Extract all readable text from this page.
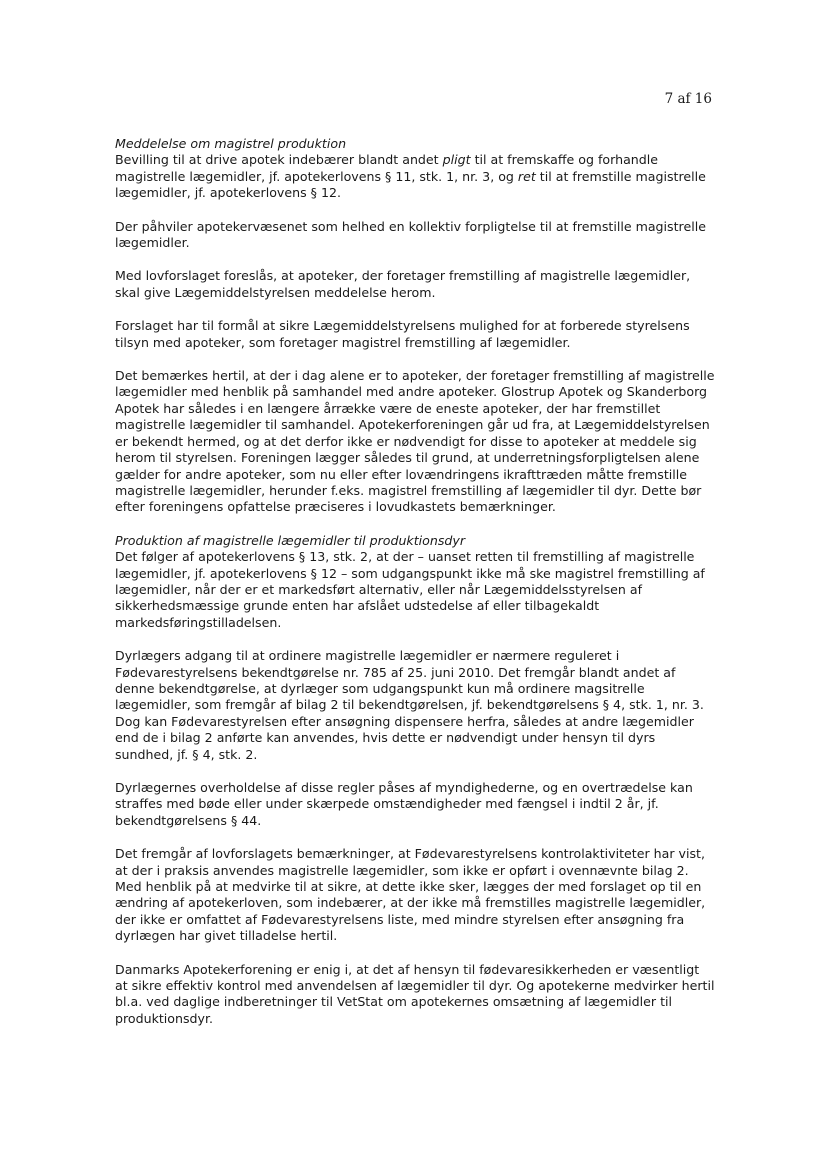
7 af 16
Meddelelse om magistrel produktion

Bevilling til at drive apotek indebærer blandt andet pligt til at fremskaffe og forhandle magistrelle lægemidler, jf. apotekerlovens § 11, stk. 1, nr. 3, og ret til at fremstille magistrelle lægemidler, jf. apotekerlovens § 12.

Der påhviler apotekervæsenet som helhed en kollektiv forpligtelse til at fremstille magistrelle lægemidler.

Med lovforslaget foreslås, at apoteker, der foretager fremstilling af magistrelle lægemidler, skal give Lægemiddelstyrelsen meddelelse herom.

Forslaget har til formål at sikre Lægemiddelstyrelsens mulighed for at forberede styrelsens tilsyn med apoteker, som foretager magistrel fremstilling af lægemidler.

Det bemærkes hertil, at der i dag alene er to apoteker, der foretager fremstilling af magistrelle lægemidler med henblik på samhandel med andre apoteker. Glostrup Apotek og Skanderborg Apotek har således i en længere årrække være de eneste apoteker, der har fremstillet magistrelle lægemidler til samhandel. Apotekerforeningen går ud fra, at Lægemiddelstyrelsen er bekendt hermed, og at det derfor ikke er nødvendigt for disse to apoteker at meddele sig herom til styrelsen. Foreningen lægger således til grund, at underretningsforpligtelsen alene gælder for andre apoteker, som nu eller efter lovændringens ikrafttræden måtte fremstille magistrelle lægemidler, herunder f.eks. magistrel fremstilling af lægemidler til dyr. Dette bør efter foreningens opfattelse præciseres i lovudkastets bemærkninger.

Produktion af magistrelle lægemidler til produktionsdyr

Det følger af apotekerlovens § 13, stk. 2, at der – uanset retten til fremstilling af magistrelle lægemidler, jf. apotekerlovens § 12 – som udgangspunkt ikke må ske magistrel fremstilling af lægemidler, når der er et markedsført alternativ, eller når Lægemiddelsstyrelsen af sikkerhedsmæssige grunde enten har afslået udstedelse af eller tilbagekaldt markedsføringstilladelsen.

Dyrlægers adgang til at ordinere magistrelle lægemidler er nærmere reguleret i Fødevarestyrelsens bekendtgørelse nr. 785 af 25. juni 2010. Det fremgår blandt andet af denne bekendtgørelse, at dyrlæger som udgangspunkt kun må ordinere magsitrelle lægemidler, som fremgår af bilag 2 til bekendtgørelsen, jf. bekendtgørelsens § 4, stk. 1, nr. 3. Dog kan Fødevarestyrelsen efter ansøgning dispensere herfra, således at andre lægemidler end de i bilag 2 anførte kan anvendes, hvis dette er nødvendigt under hensyn til dyrs sundhed, jf. § 4, stk. 2.

Dyrlægernes overholdelse af disse regler påses af myndighederne, og en overtrædelse kan straffes med bøde eller under skærpede omstændigheder med fængsel i indtil 2 år, jf. bekendtgørelsens § 44.

Det fremgår af lovforslagets bemærkninger, at Fødevarestyrelsens kontrolaktiviteter har vist, at der i praksis anvendes magistrelle lægemidler, som ikke er opført i ovennævnte bilag 2. Med henblik på at medvirke til at sikre, at dette ikke sker, lægges der med forslaget op til en ændring af apotekerloven, som indebærer, at der ikke må fremstilles magistrelle lægemidler, der ikke er omfattet af Fødevarestyrelsens liste, med mindre styrelsen efter ansøgning fra dyrlægen har givet tilladelse hertil.

Danmarks Apotekerforening er enig i, at det af hensyn til fødevaresikkerheden er væsentligt at sikre effektiv kontrol med anvendelsen af lægemidler til dyr. Og apotekerne medvirker hertil bl.a. ved daglige indberetninger til VetStat om apotekernes omsætning af lægemidler til produktionsdyr.
